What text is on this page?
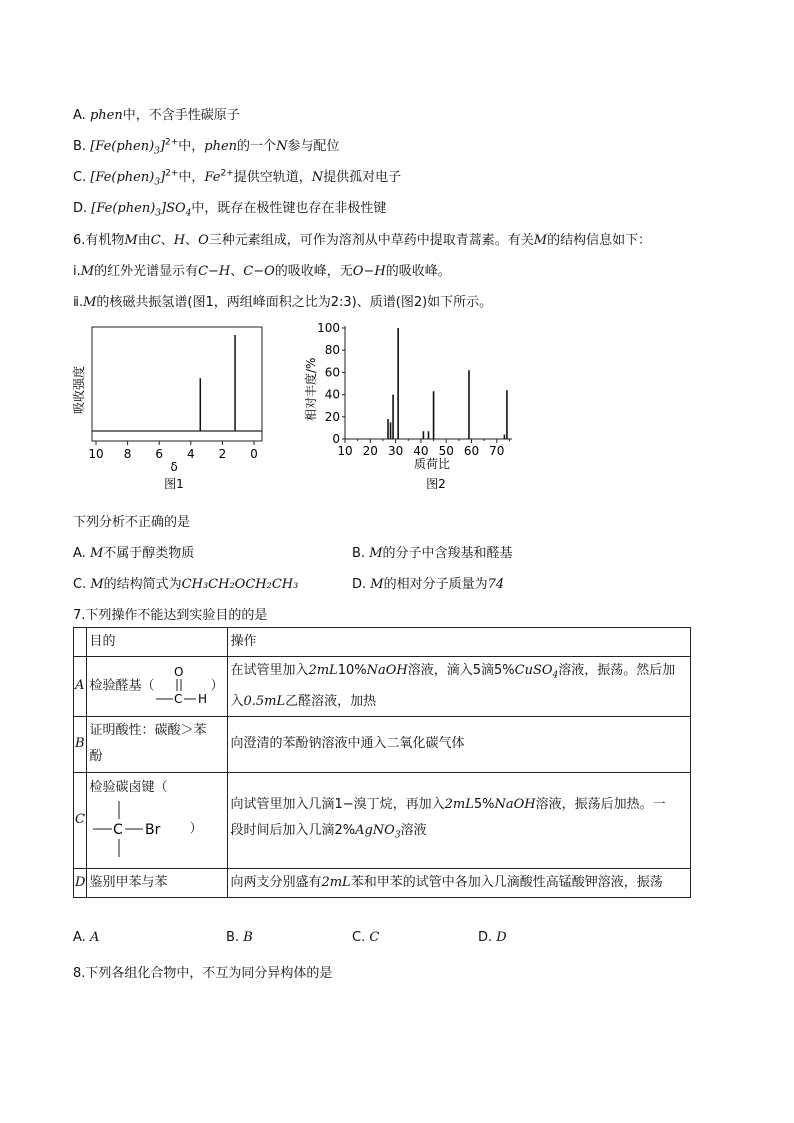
A. phen中，不含手性碳原子
B. $[Fe(phen)_3]^{2+}$中，phen的一个N参与配位
C. $[Fe(phen)_3]^{2+}$中，$Fe^{2+}$提供空轨道，N提供孤对电子
D. $[Fe(phen)_3]SO_4$中，既存在极性键也存在非极性键
6.有机物M由C、H、O三种元素组成，可作为溶剂从中草药中提取青蒿素。有关M的结构信息如下：
ⅰ.M的红外光谱显示有C−H、C−O的吸收峰，无O−H的吸收峰。
ⅱ.M的核磁共振氢谱(图1，两组峰面积之比为2:3)、质谱(图2)如下所示。
吸收强度
10 8 6 4 2 0
δ
图1
相对丰度/%
0
20
40
60
80
100
10 20 30 40 50 60 70
质荷比
图2
下列分析不正确的是
A. M不属于醇类物质	B. M的分子中含羧基和醛基
C. M的结构简式为CH₃CH₂OCH₂CH₃	D. M的相对分子质量为74
7.下列操作不能达到实验目的的是
	目的	操作
A	检验醛基（
O
C H
）	在试管里加入2mL10%NaOH溶液，滴入5滴5%CuSO$_4$溶液，振荡。然后加
入0.5mL乙醛溶液，加热
B	证明酸性：碳酸＞苯
酚	向澄清的苯酚钠溶液中通入二氧化碳气体
C	检验碳卤键（

C Br ）	向试管里加入几滴1−溴丁烷，再加入2mL5%NaOH溶液，振荡后加热。一
段时间后加入几滴2%AgNO$_3$溶液
D	鉴别甲苯与苯	向两支分别盛有2mL苯和甲苯的试管中各加入几滴酸性高锰酸钾溶液，振荡
A. A	B. B	C. C	D. D
8.下列各组化合物中，不互为同分异构体的是
